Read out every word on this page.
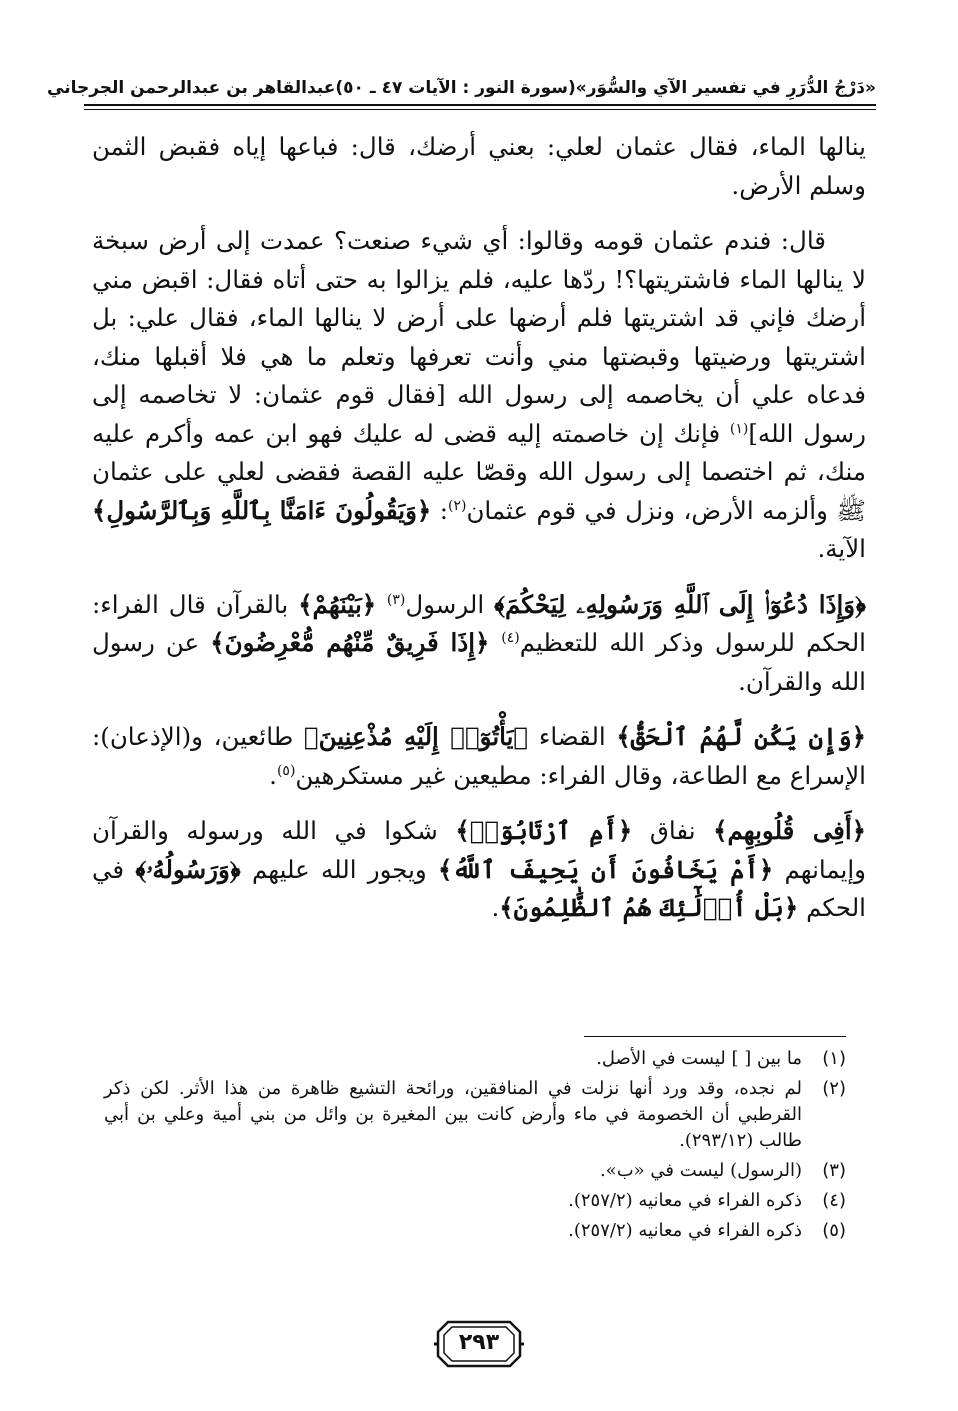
«دَرْجُ الدُّرَرِ في تفسير الآي والسُّوَر»
(سورة النور : الآيات ٤٧ ـ ٥٠)
عبدالقاهر بن عبدالرحمن الجرجاني

ينالها الماء، فقال عثمان لعلي: بعني أرضك، قال: فباعها إياه فقبض الثمن وسلم الأرض.

قال: فندم عثمان قومه وقالوا: أي شيء صنعت؟ عمدت إلى أرض سبخة لا ينالها الماء فاشتريتها؟! ردّها عليه، فلم يزالوا به حتى أتاه فقال: اقبض مني أرضك فإني قد اشتريتها فلم أرضها على أرض لا ينالها الماء، فقال علي: بل اشتريتها ورضيتها وقبضتها مني وأنت تعرفها وتعلم ما هي فلا أقبلها منك، فدعاه علي أن يخاصمه إلى رسول الله [فقال قوم عثمان: لا تخاصمه إلى رسول الله]$^{(١)}$ فإنك إن خاصمته إليه قضى له عليك فهو ابن عمه وأكرم عليه منك، ثم اختصما إلى رسول الله وقصّا عليه القصة فقضى لعلي على عثمان ﷺ وألزمه الأرض، ونزل في قوم عثمان$^{(٢)}$: ﴿وَيَقُولُونَ ءَامَنَّا بِٱللَّهِ وَبِٱلرَّسُولِ﴾ الآية.

﴿وَإِذَا دُعُوٓا۟ إِلَى ٱللَّهِ وَرَسُولِهِۦ لِيَحْكُمَ﴾ الرسول$^{(٣)}$ ﴿بَيْنَهُمْ﴾ بالقرآن قال الفراء: الحكم للرسول وذكر الله للتعظيم$^{(٤)}$ ﴿إِذَا فَرِيقٌ مِّنْهُم مُّعْرِضُونَ﴾ عن رسول الله والقرآن.

﴿وَإِن يَكُن لَّهُمُ ٱلْحَقُّ﴾ القضاء ﴿يَأْتُوٓا۟ إِلَيْهِ مُذْعِنِينَ﴾ طائعين، و(الإذعان): الإسراع مع الطاعة، وقال الفراء: مطيعين غير مستكرهين$^{(٥)}$.

﴿أَفِى قُلُوبِهِم﴾ نفاق ﴿أَمِ ٱرْتَابُوٓا۟﴾ شكوا في الله ورسوله والقرآن وإيمانهم ﴿أَمْ يَخَافُونَ أَن يَحِيفَ ٱللَّهُ﴾ ويجور الله عليهم ﴿وَرَسُولُهُۥ﴾ في الحكم ﴿بَلْ أُو۟لَٰٓئِكَ هُمُ ٱلظَّٰلِمُونَ﴾.

(١)
ما بين [ ] ليست في الأصل.
(٢)
لم نجده، وقد ورد أنها نزلت في المنافقين، ورائحة التشيع ظاهرة من هذا الأثر. لكن ذكر القرطبي أن الخصومة في ماء وأرض كانت بين المغيرة بن وائل من بني أمية وعلي بن أبي طالب (٢٩٣/١٢).
(٣)
(الرسول) ليست في «ب».
(٤)
ذكره الفراء في معانيه (٢٥٧/٢).
(٥)
ذكره الفراء في معانيه (٢٥٧/٢).
٢٩٣
